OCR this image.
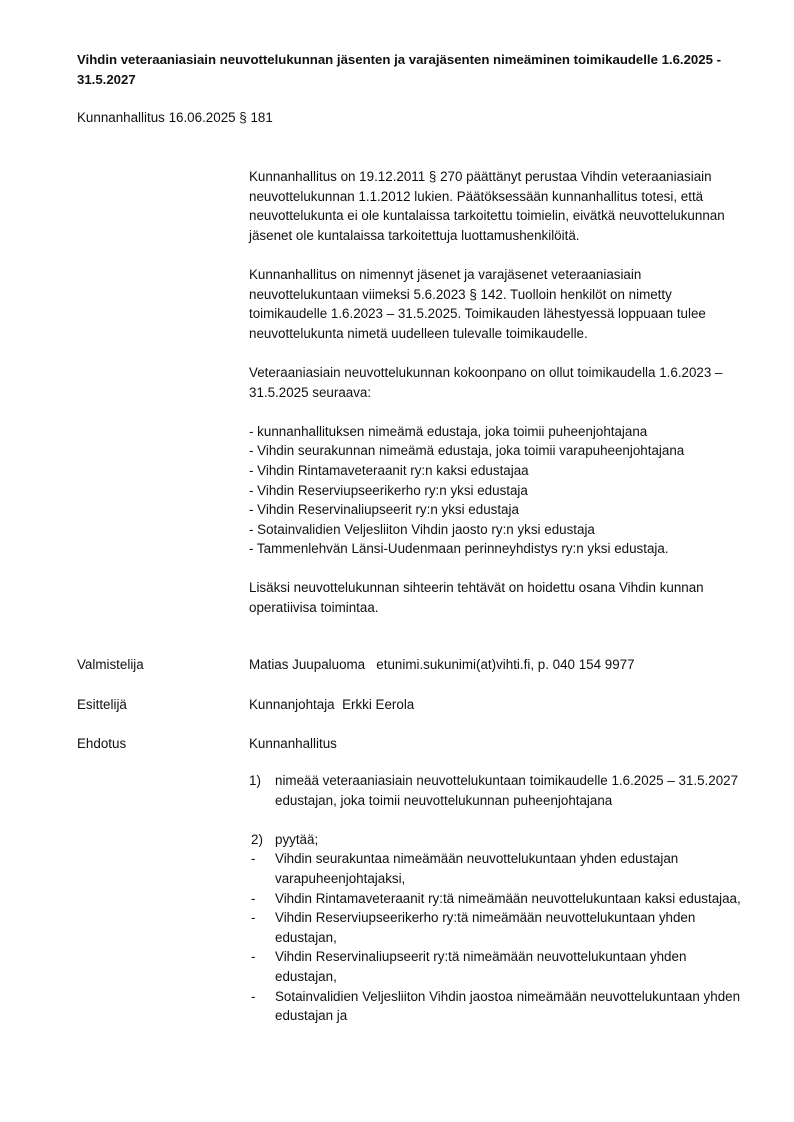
Vihdin veteraaniasiain neuvottelukunnan jäsenten ja varajäsenten nimeäminen toimikaudelle 1.6.2025 - 31.5.2027
Kunnanhallitus 16.06.2025 § 181

Kunnanhallitus on 19.12.2011 § 270 päättänyt perustaa Vihdin veteraaniasiain neuvottelukunnan 1.1.2012 lukien. Päätöksessään kunnanhallitus totesi, että neuvottelukunta ei ole kuntalaissa tarkoitettu toimielin, eivätkä neuvottelukunnan jäsenet ole kuntalaissa tarkoitettuja luottamushenkilöitä.

Kunnanhallitus on nimennyt jäsenet ja varajäsenet veteraaniasiain neuvottelukuntaan viimeksi 5.6.2023 § 142. Tuolloin henkilöt on nimetty toimikaudelle 1.6.2023 – 31.5.2025. Toimikauden lähestyessä loppuaan tulee neuvottelukunta nimetä uudelleen tulevalle toimikaudelle.

Veteraaniasiain neuvottelukunnan kokoonpano on ollut toimikaudella 1.6.2023 – 31.5.2025 seuraava:

- kunnanhallituksen nimeämä edustaja, joka toimii puheenjohtajana
- Vihdin seurakunnan nimeämä edustaja, joka toimii varapuheenjohtajana
- Vihdin Rintamaveteraanit ry:n kaksi edustajaa
- Vihdin Reserviupseerikerho ry:n yksi edustaja
- Vihdin Reservinaliupseerit ry:n yksi edustaja
- Sotainvalidien Veljesliiton Vihdin jaosto ry:n yksi edustaja
- Tammenlehvän Länsi-Uudenmaan perinneyhdistys ry:n yksi edustaja.

Lisäksi neuvottelukunnan sihteerin tehtävät on hoidettu osana Vihdin kunnan operatiivisa toimintaa.

Valmistelija	Matias Juupaluoma   etunimi.sukunimi(at)vihti.fi, p. 040 154 9977
Esittelijä	Kunnanjohtaja  Erkki Eerola
Ehdotus	Kunnanhallitus
1) nimeää veteraaniasiain neuvottelukuntaan toimikaudelle 1.6.2025 – 31.5.2027 edustajan, joka toimii neuvottelukunnan puheenjohtajana
2) pyytää;
- Vihdin seurakuntaa nimeämään neuvottelukuntaan yhden edustajan varapuheenjohtajaksi,
- Vihdin Rintamaveteraanit ry:tä nimeämään neuvottelukuntaan kaksi edustajaa,
- Vihdin Reserviupseerikerho ry:tä nimeämään neuvottelukuntaan yhden edustajan,
- Vihdin Reservinaliupseerit ry:tä nimeämään neuvottelukuntaan yhden edustajan,
- Sotainvalidien Veljesliiton Vihdin jaostoa nimeämään neuvottelukuntaan yhden edustajan ja
